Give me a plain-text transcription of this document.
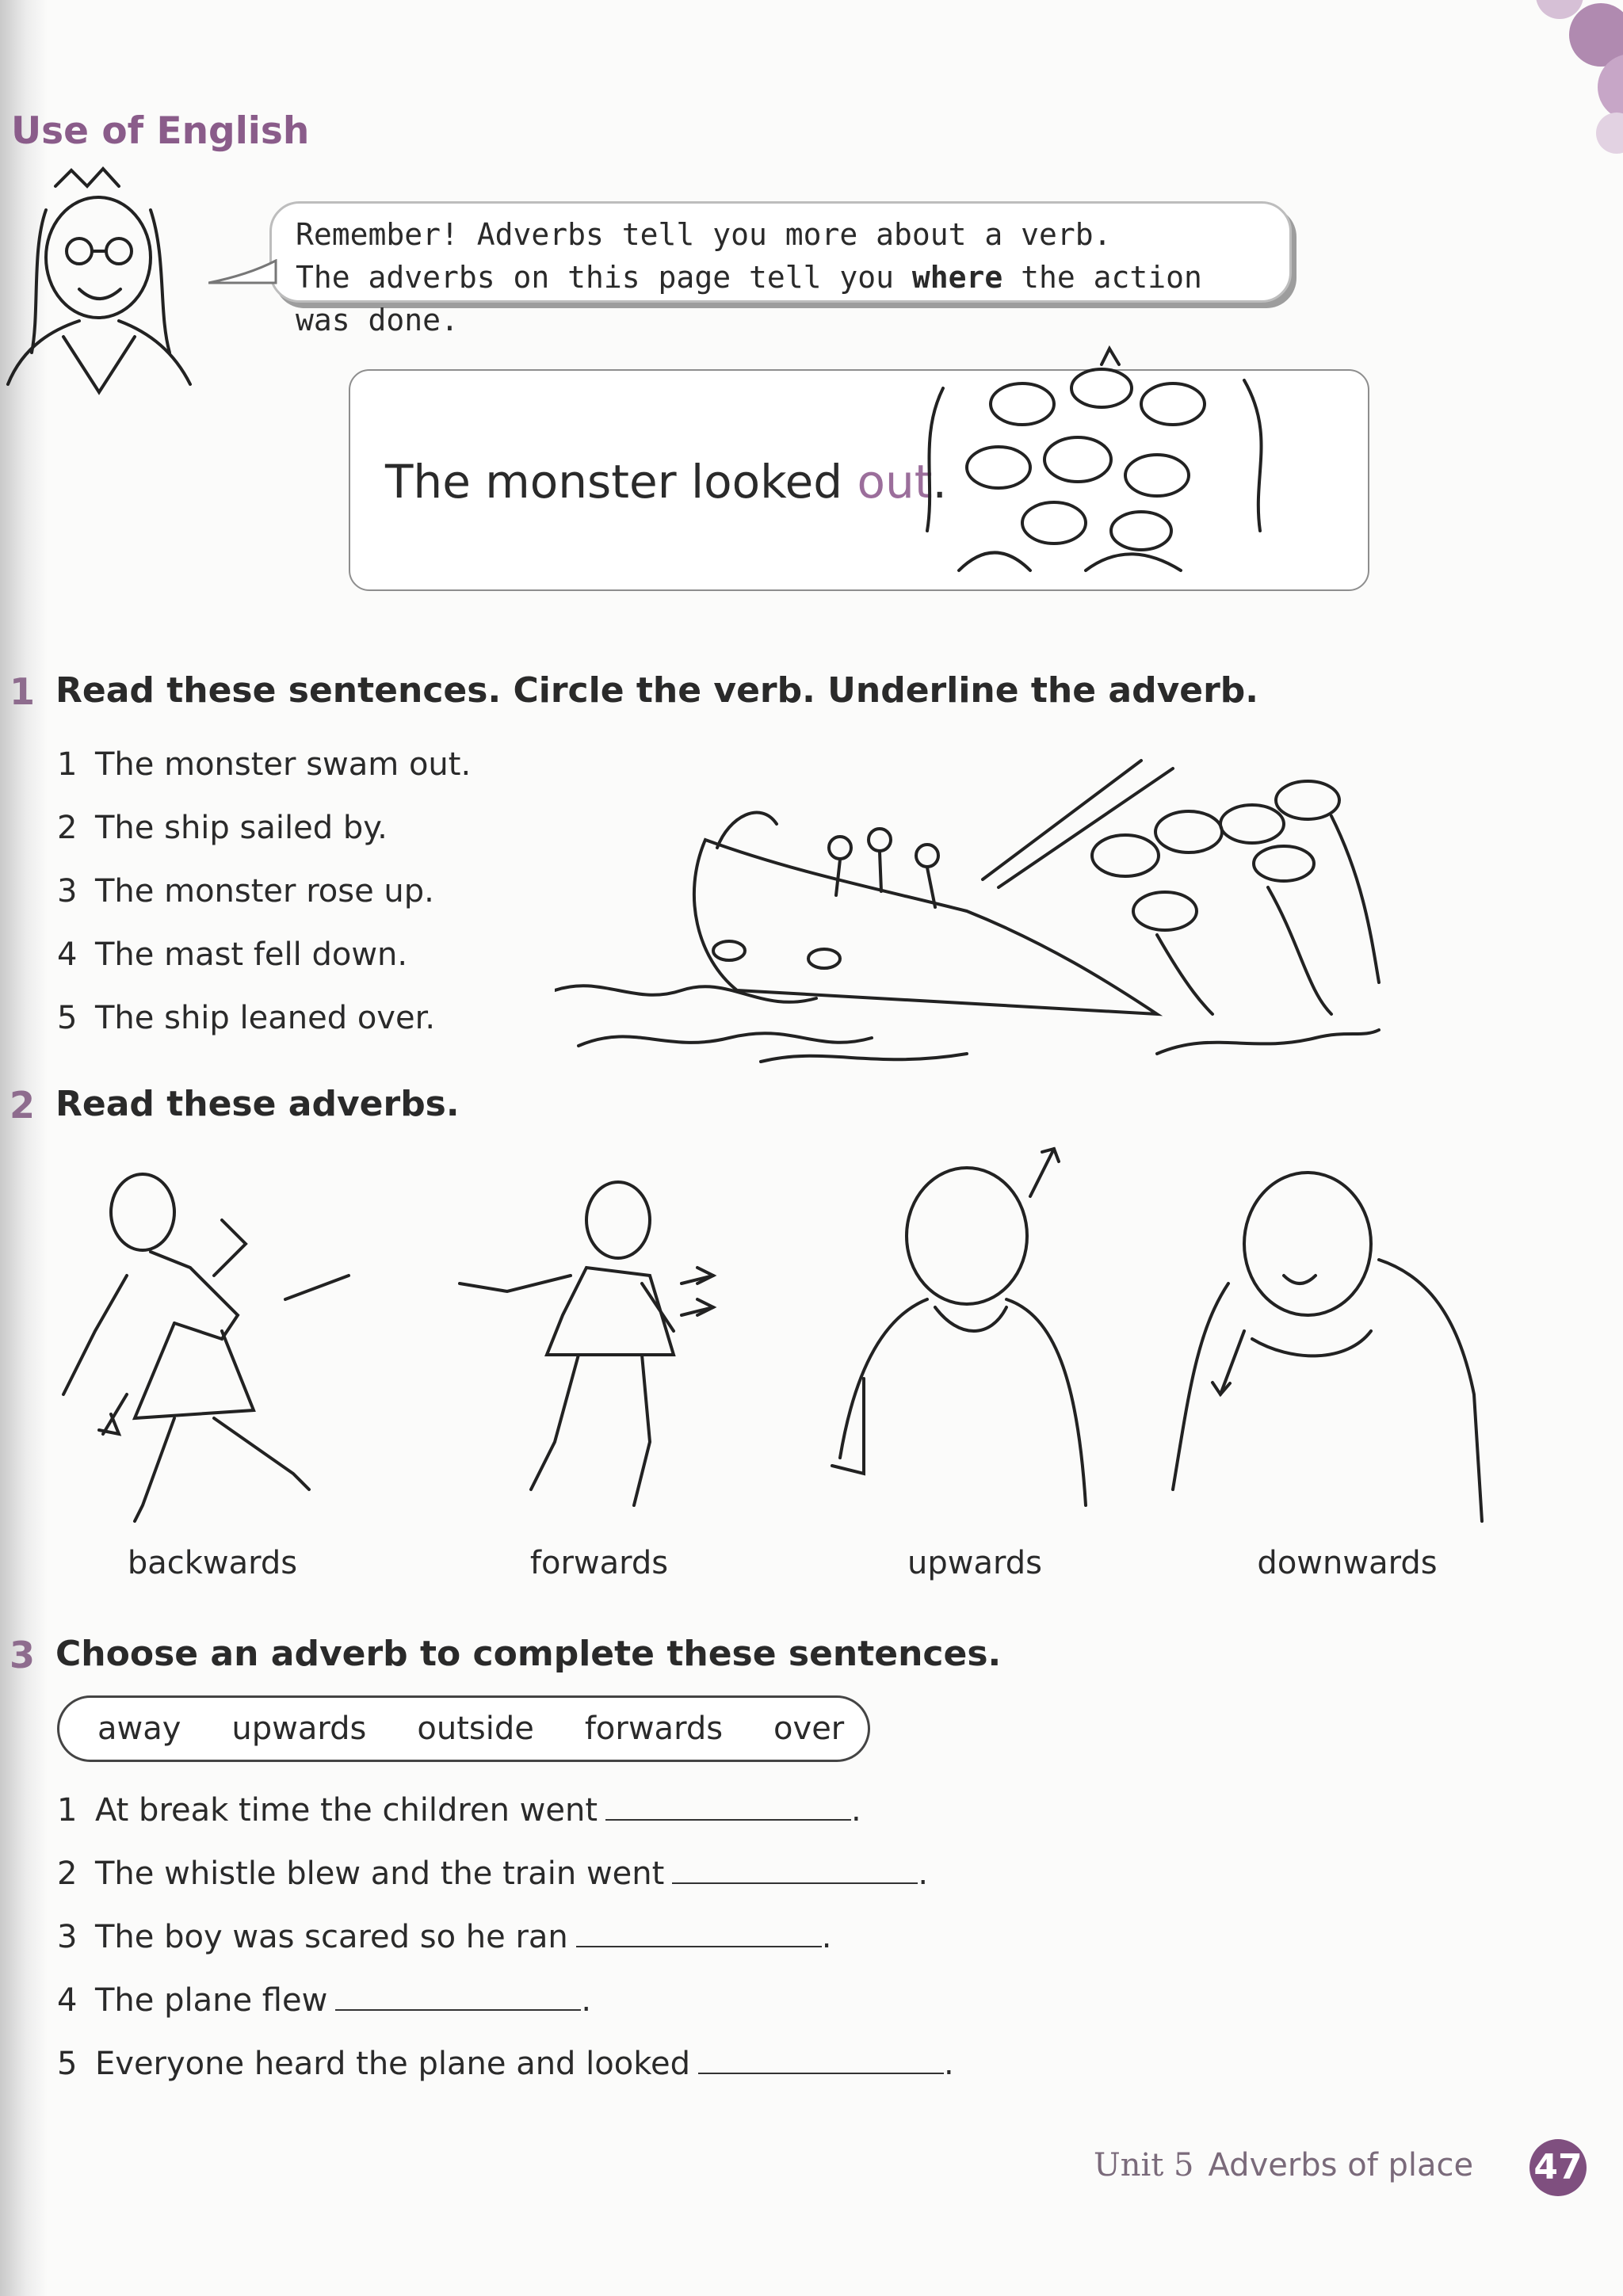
Use of English
Remember! Adverbs tell you more about a verb.
The adverbs on this page tell you where the action was done.
The monster looked out.
1 Read these sentences. Circle the verb. Underline the adverb.
1 The monster swam out.
2 The ship sailed by.
3 The monster rose up.
4 The mast fell down.
5 The ship leaned over.
2 Read these adverbs.
backwards	forwards	upwards	downwards
3 Choose an adverb to complete these sentences.
away upwards outside forwards over
1 At break time the children went	.
2 The whistle blew and the train went	.
3 The boy was scared so he ran	.
4 The plane flew	.
5 Everyone heard the plane and looked	.
Unit 5 Adverbs of place 47
